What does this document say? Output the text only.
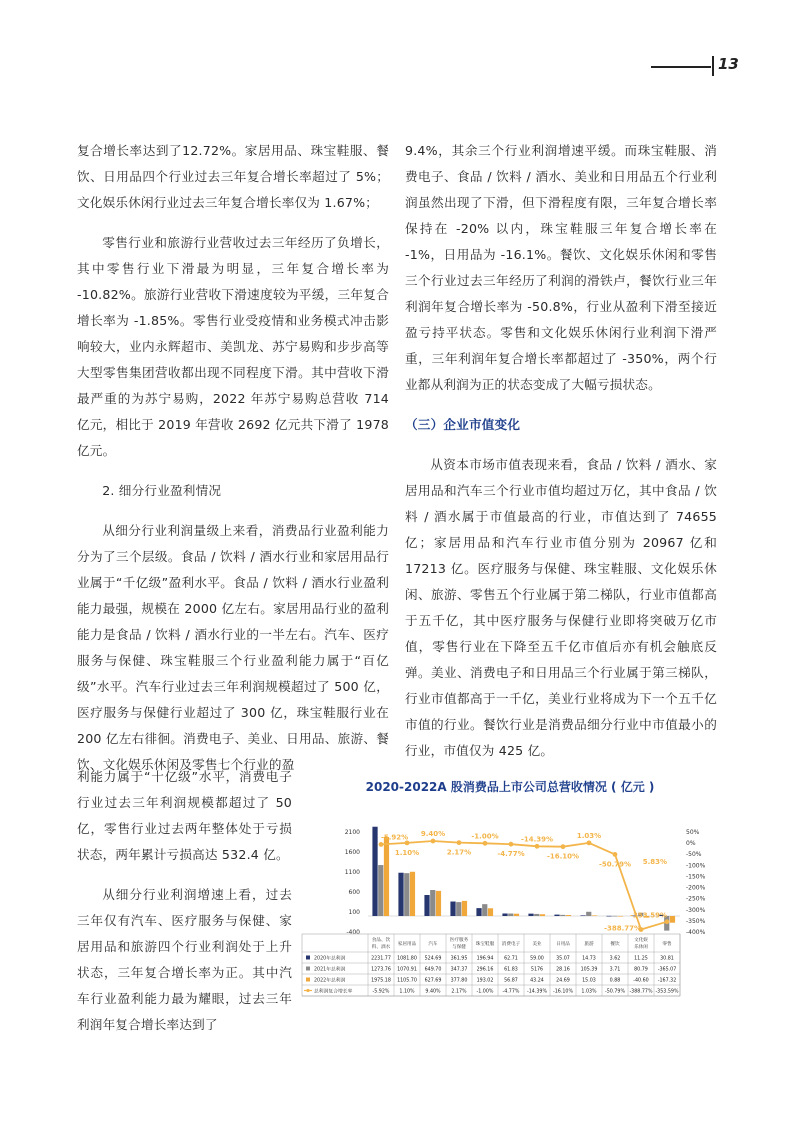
13

复合增长率达到了12.72%。家居用品、珠宝鞋服、餐饮、日用品四个行业过去三年复合增长率超过了 5%；文化娱乐休闲行业过去三年复合增长率仅为 1.67%；

零售行业和旅游行业营收过去三年经历了负增长，其中零售行业下滑最为明显，三年复合增长率为 -10.82%。旅游行业营收下滑速度较为平缓，三年复合增长率为 -1.85%。零售行业受疫情和业务模式冲击影响较大，业内永辉超市、美凯龙、苏宁易购和步步高等大型零售集团营收都出现不同程度下滑。其中营收下滑最严重的为苏宁易购，2022 年苏宁易购总营收 714 亿元，相比于 2019 年营收 2692 亿元共下滑了 1978 亿元。

2. 细分行业盈利情况

从细分行业利润量级上来看，消费品行业盈利能力分为了三个层级。食品 / 饮料 / 酒水行业和家居用品行业属于“千亿级”盈利水平。食品 / 饮料 / 酒水行业盈利能力最强，规模在 2000 亿左右。家居用品行业的盈利能力是食品 / 饮料 / 酒水行业的一半左右。汽车、医疗服务与保健、珠宝鞋服三个行业盈利能力属于“百亿级”水平。汽车行业过去三年利润规模超过了 500 亿，医疗服务与保健行业超过了 300 亿，珠宝鞋服行业在 200 亿左右徘徊。消费电子、美业、日用品、旅游、餐饮、文化娱乐休闲及零售七个行业的盈

利能力属于“十亿级”水平，消费电子行业过去三年利润规模都超过了 50 亿，零售行业过去两年整体处于亏损状态，两年累计亏损高达 532.4 亿。

从细分行业利润增速上看，过去三年仅有汽车、医疗服务与保健、家居用品和旅游四个行业利润处于上升状态，三年复合增长率为正。其中汽车行业盈利能力最为耀眼，过去三年利润年复合增长率达到了

9.4%，其余三个行业利润增速平缓。而珠宝鞋服、消费电子、食品 / 饮料 / 酒水、美业和日用品五个行业利润虽然出现了下滑，但下滑程度有限，三年复合增长率保持在 -20% 以内，珠宝鞋服三年复合增长率在 -1%，日用品为 -16.1%。餐饮、文化娱乐休闲和零售三个行业过去三年经历了利润的滑铁卢，餐饮行业三年利润年复合增长率为 -50.8%，行业从盈利下滑至接近盈亏持平状态。零售和文化娱乐休闲行业利润下滑严重，三年利润年复合增长率都超过了 -350%，两个行业都从利润为正的状态变成了大幅亏损状态。

（三）企业市值变化

从资本市场市值表现来看，食品 / 饮料 / 酒水、家居用品和汽车三个行业市值均超过万亿，其中食品 / 饮料 / 酒水属于市值最高的行业，市值达到了 74655 亿；家居用品和汽车行业市值分别为 20967 亿和 17213 亿。医疗服务与保健、珠宝鞋服、文化娱乐休闲、旅游、零售五个行业属于第二梯队，行业市值都高于五千亿，其中医疗服务与保健行业即将突破万亿市值，零售行业在下降至五千亿市值后亦有机会触底反弹。美业、消费电子和日用品三个行业属于第三梯队，行业市值都高于一千亿，美业行业将成为下一个五千亿市值的行业。餐饮行业是消费品细分行业中市值最小的行业，市值仅为 425 亿。

2020-2022A 股消费品上市公司总营收情况 ( 亿元 )
2100
1600
1100
600
100
-400
50%
0%
-50%
-100%
-150%
-200%
-250%
-300%
-350%
-400%
-5.92%
1.10%
9.40%
2.17%
-1.00%
-4.77%
-14.39%
-16.10%
1.03%
-50.79%
-388.77%
5.83%
-353.59%
食品、饮
料、酒水
家居用品	汽车
医疗服务
与保健
珠宝鞋服 消费电子	美业	日用品	旅游	餐饮
文化娱
乐休闲
零售
2020年总利润	2231.77 1081.80 524.69 361.95 196.94 62.71	59.00	35.07	14.73	3.62	11.25	30.81
2021年总利润	1273.76 1070.91 649.70 347.37 296.16 61.83	5176	28.16 105.39	3.71	80.79 -365.07
2022年总利润	1975.18 1105.70 627.69 377.80 193.02 56.87	43.24	24.69	15.03	0.88	-40.60 -167.32
总利润复合增长率	-5.92% 1.10% 9.40% 2.17% -1.00% -4.77% -14.39% -16.10% 1.03% -50.79% -388.77% -353.59%
